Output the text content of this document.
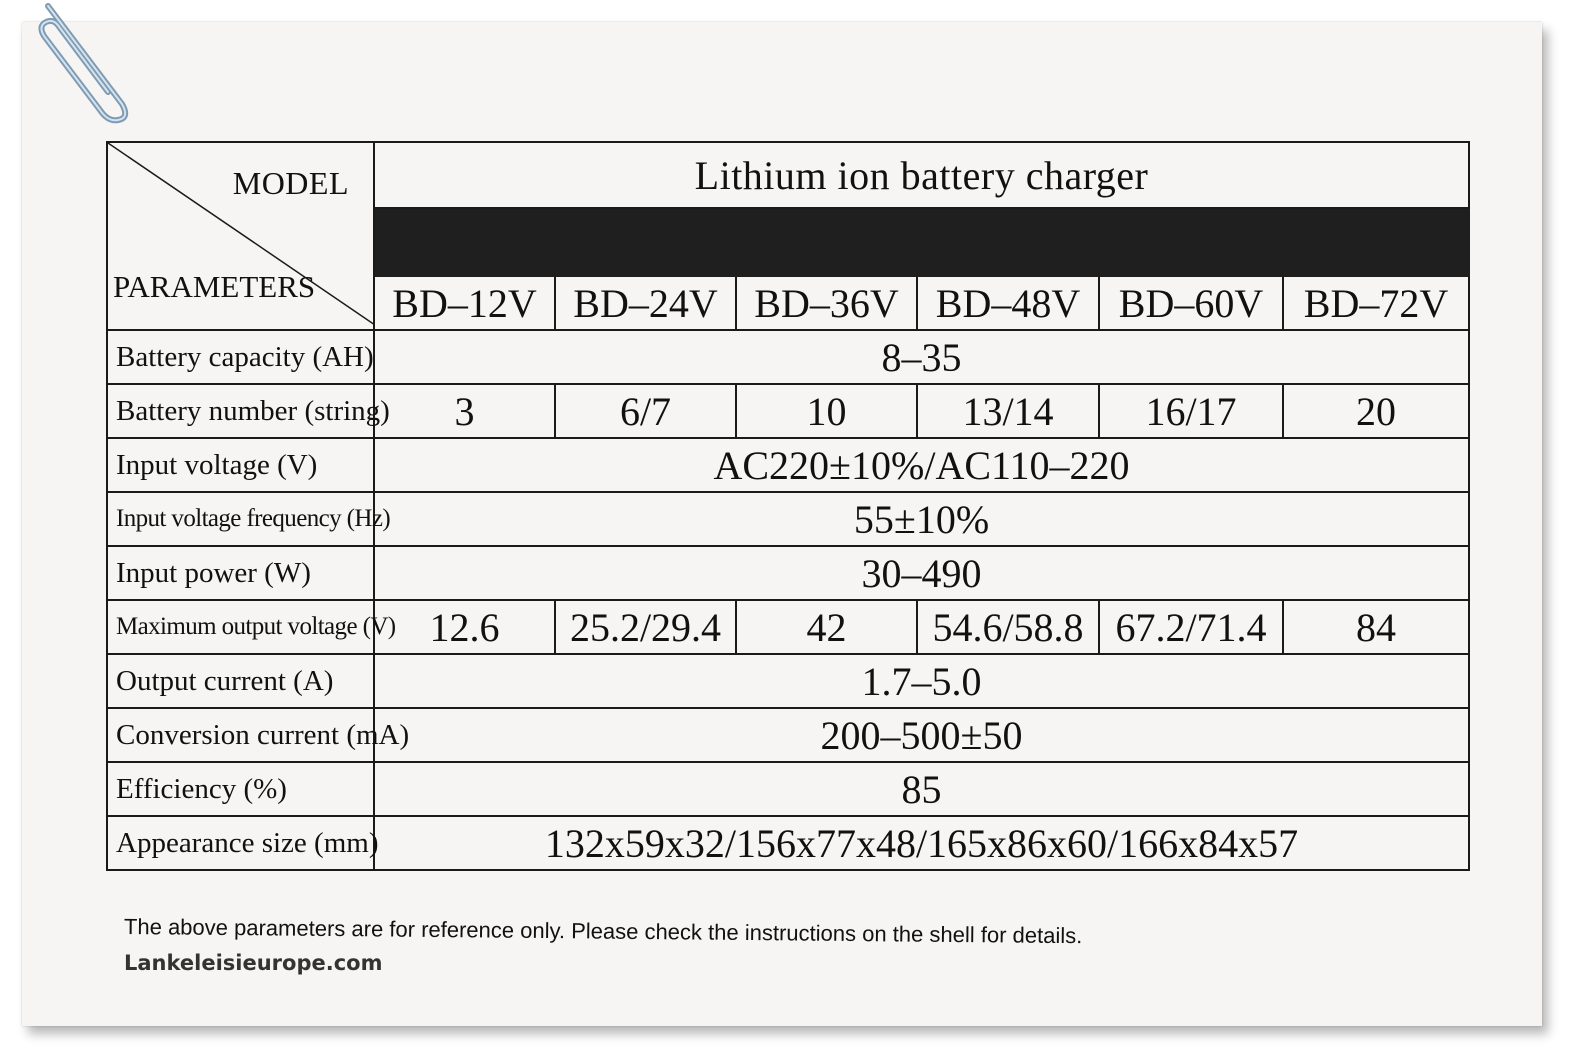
MODEL
PARAMETERS	Lithium ion battery charger					

	BD–12V	BD–24V	BD–36V	BD–48V	BD–60V	BD–72V
Battery capacity (AH)	8–35					
Battery number (string)	3	6/7	10	13/14	16/17	20
Input voltage (V)	AC220±10%/AC110–220					
Input voltage frequency (Hz)	55±10%					
Input power (W)	30–490					
Maximum output voltage (V)	12.6	25.2/29.4	42	54.6/58.8	67.2/71.4	84
Output current (A)	1.7–5.0					
Conversion current (mA)	200–500±50					
Efficiency (%)	85					
Appearance size (mm)	132x59x32/156x77x48/165x86x60/166x84x57					
The above parameters are for reference only. Please check the instructions on the shell for details.
Lankeleisieurope.com
